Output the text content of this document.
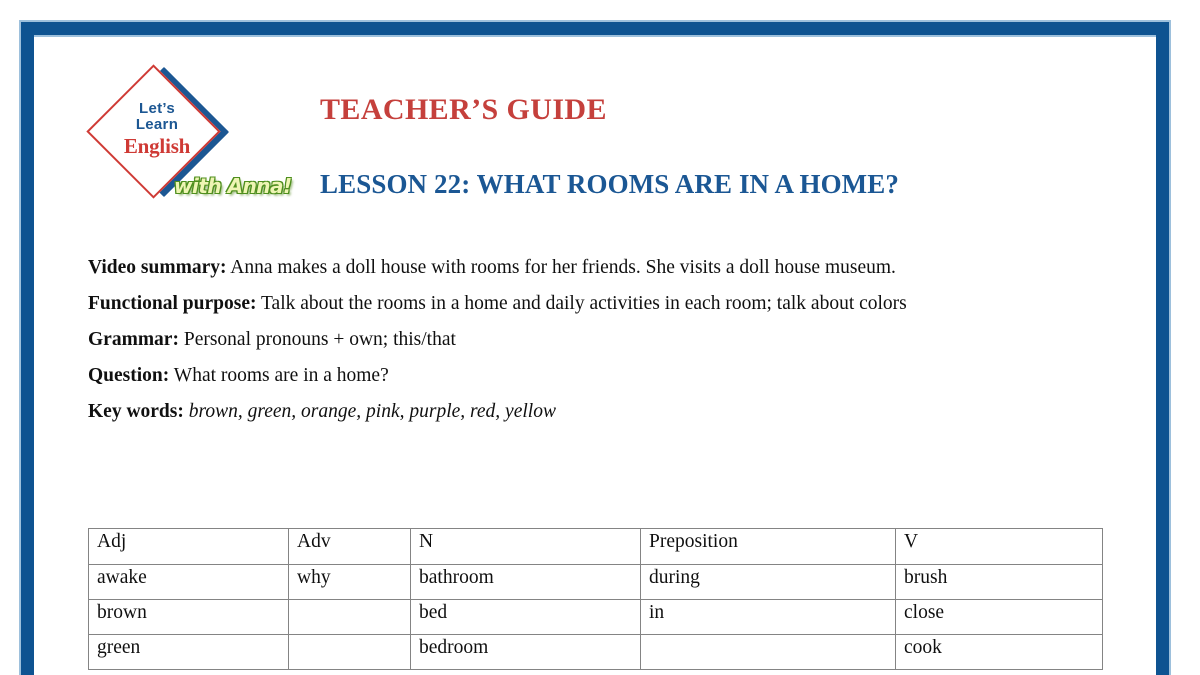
Let’s
Learn
English
with Anna!
TEACHER’S GUIDE
LESSON 22: WHAT ROOMS ARE IN A HOME?

Video summary: Anna makes a doll house with rooms for her friends. She visits a doll house museum.

Functional purpose: Talk about the rooms in a home and daily activities in each room; talk about colors

Grammar: Personal pronouns + own; this/that

Question: What rooms are in a home?

Key words: brown, green, orange, pink, purple, red, yellow

Adj	Adv	N	Preposition	V
awake	why	bathroom	during	brush
brown		bed	in	close
green		bedroom		cook
